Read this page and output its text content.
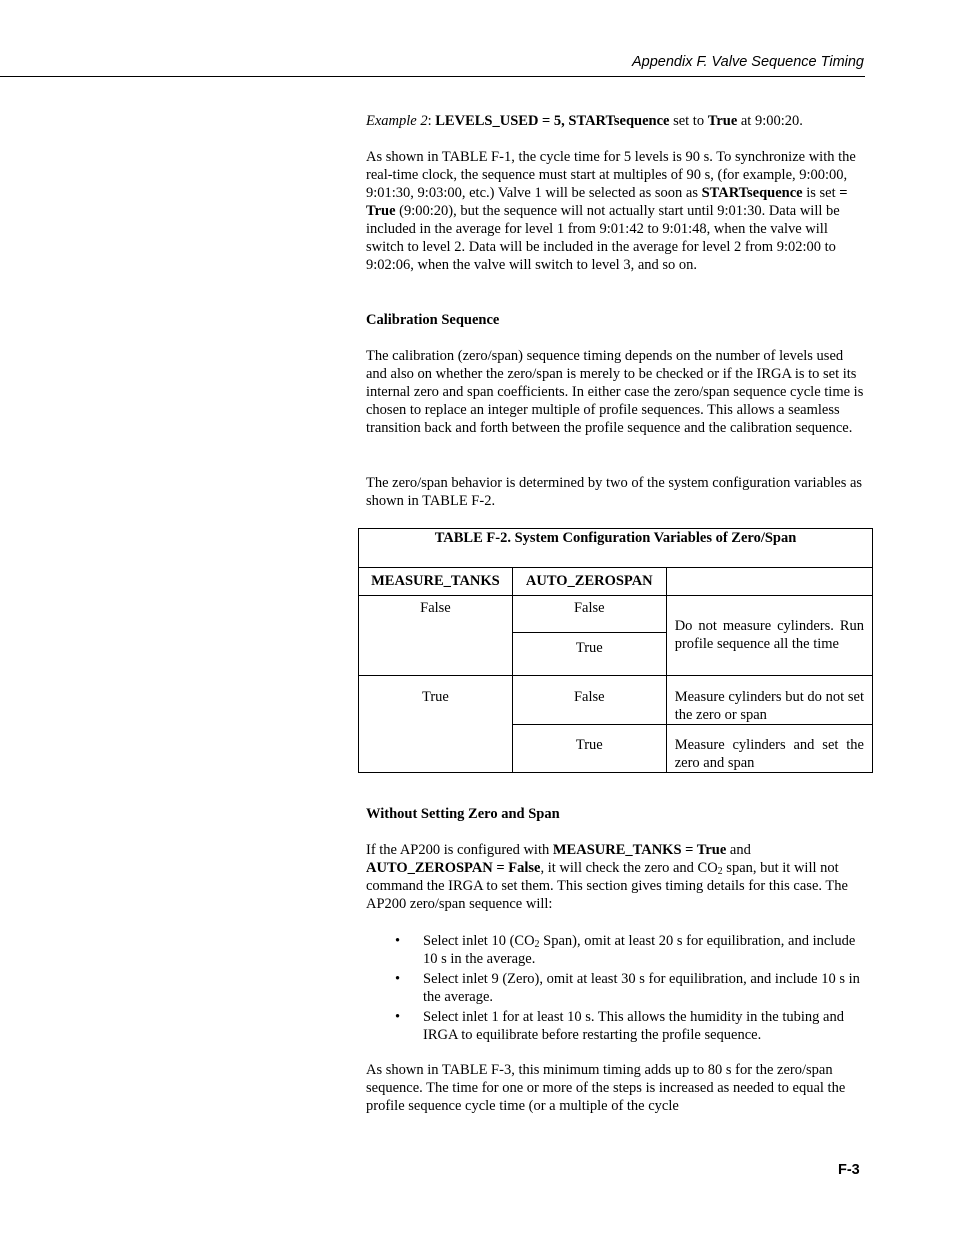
Appendix F. Valve Sequence Timing

Example 2: LEVELS_USED = 5, STARTsequence set to True at 9:00:20.

As shown in TABLE F-1, the cycle time for 5 levels is 90 s. To synchronize with the real-time clock, the sequence must start at multiples of 90 s, (for example, 9:00:00, 9:01:30, 9:03:00, etc.) Valve 1 will be selected as soon as STARTsequence is set = True (9:00:20), but the sequence will not actually start until 9:01:30. Data will be included in the average for level 1 from 9:01:42 to 9:01:48, when the valve will switch to level 2. Data will be included in the average for level 2 from 9:02:00 to 9:02:06, when the valve will switch to level 3, and so on.

Calibration Sequence
The calibration (zero/span) sequence timing depends on the number of levels used and also on whether the zero/span is merely to be checked or if the IRGA is to set its internal zero and span coefficients. In either case the zero/span sequence cycle time is chosen to replace an integer multiple of profile sequences. This allows a seamless transition back and forth between the profile sequence and the calibration sequence.
The zero/span behavior is determined by two of the system configuration variables as shown in TABLE F-2.
TABLE F-2. System Configuration Variables of Zero/Span		
MEASURE_TANKS	AUTO_ZEROSPAN	
False	False	Do not measure cylinders. Run profile sequence all the time
	True	
True	False	Measure cylinders but do not set the zero or span
	True	Measure cylinders and set the zero and span
Without Setting Zero and Span

If the AP200 is configured with MEASURE_TANKS = True and AUTO_ZEROSPAN = False, it will check the zero and $CO_2$ span, but it will not command the IRGA to set them. This section gives timing details for this case. The AP200 zero/span sequence will:

• Select inlet 10 ($CO_2$ Span), omit at least 20 s for equilibration, and include 10 s in the average.
• Select inlet 9 (Zero), omit at least 30 s for equilibration, and include 10 s in the average.
• Select inlet 1 for at least 10 s. This allows the humidity in the tubing and IRGA to equilibrate before restarting the profile sequence.
As shown in TABLE F-3, this minimum timing adds up to 80 s for the zero/span sequence. The time for one or more of the steps is increased as needed to equal the profile sequence cycle time (or a multiple of the cycle
F-3
